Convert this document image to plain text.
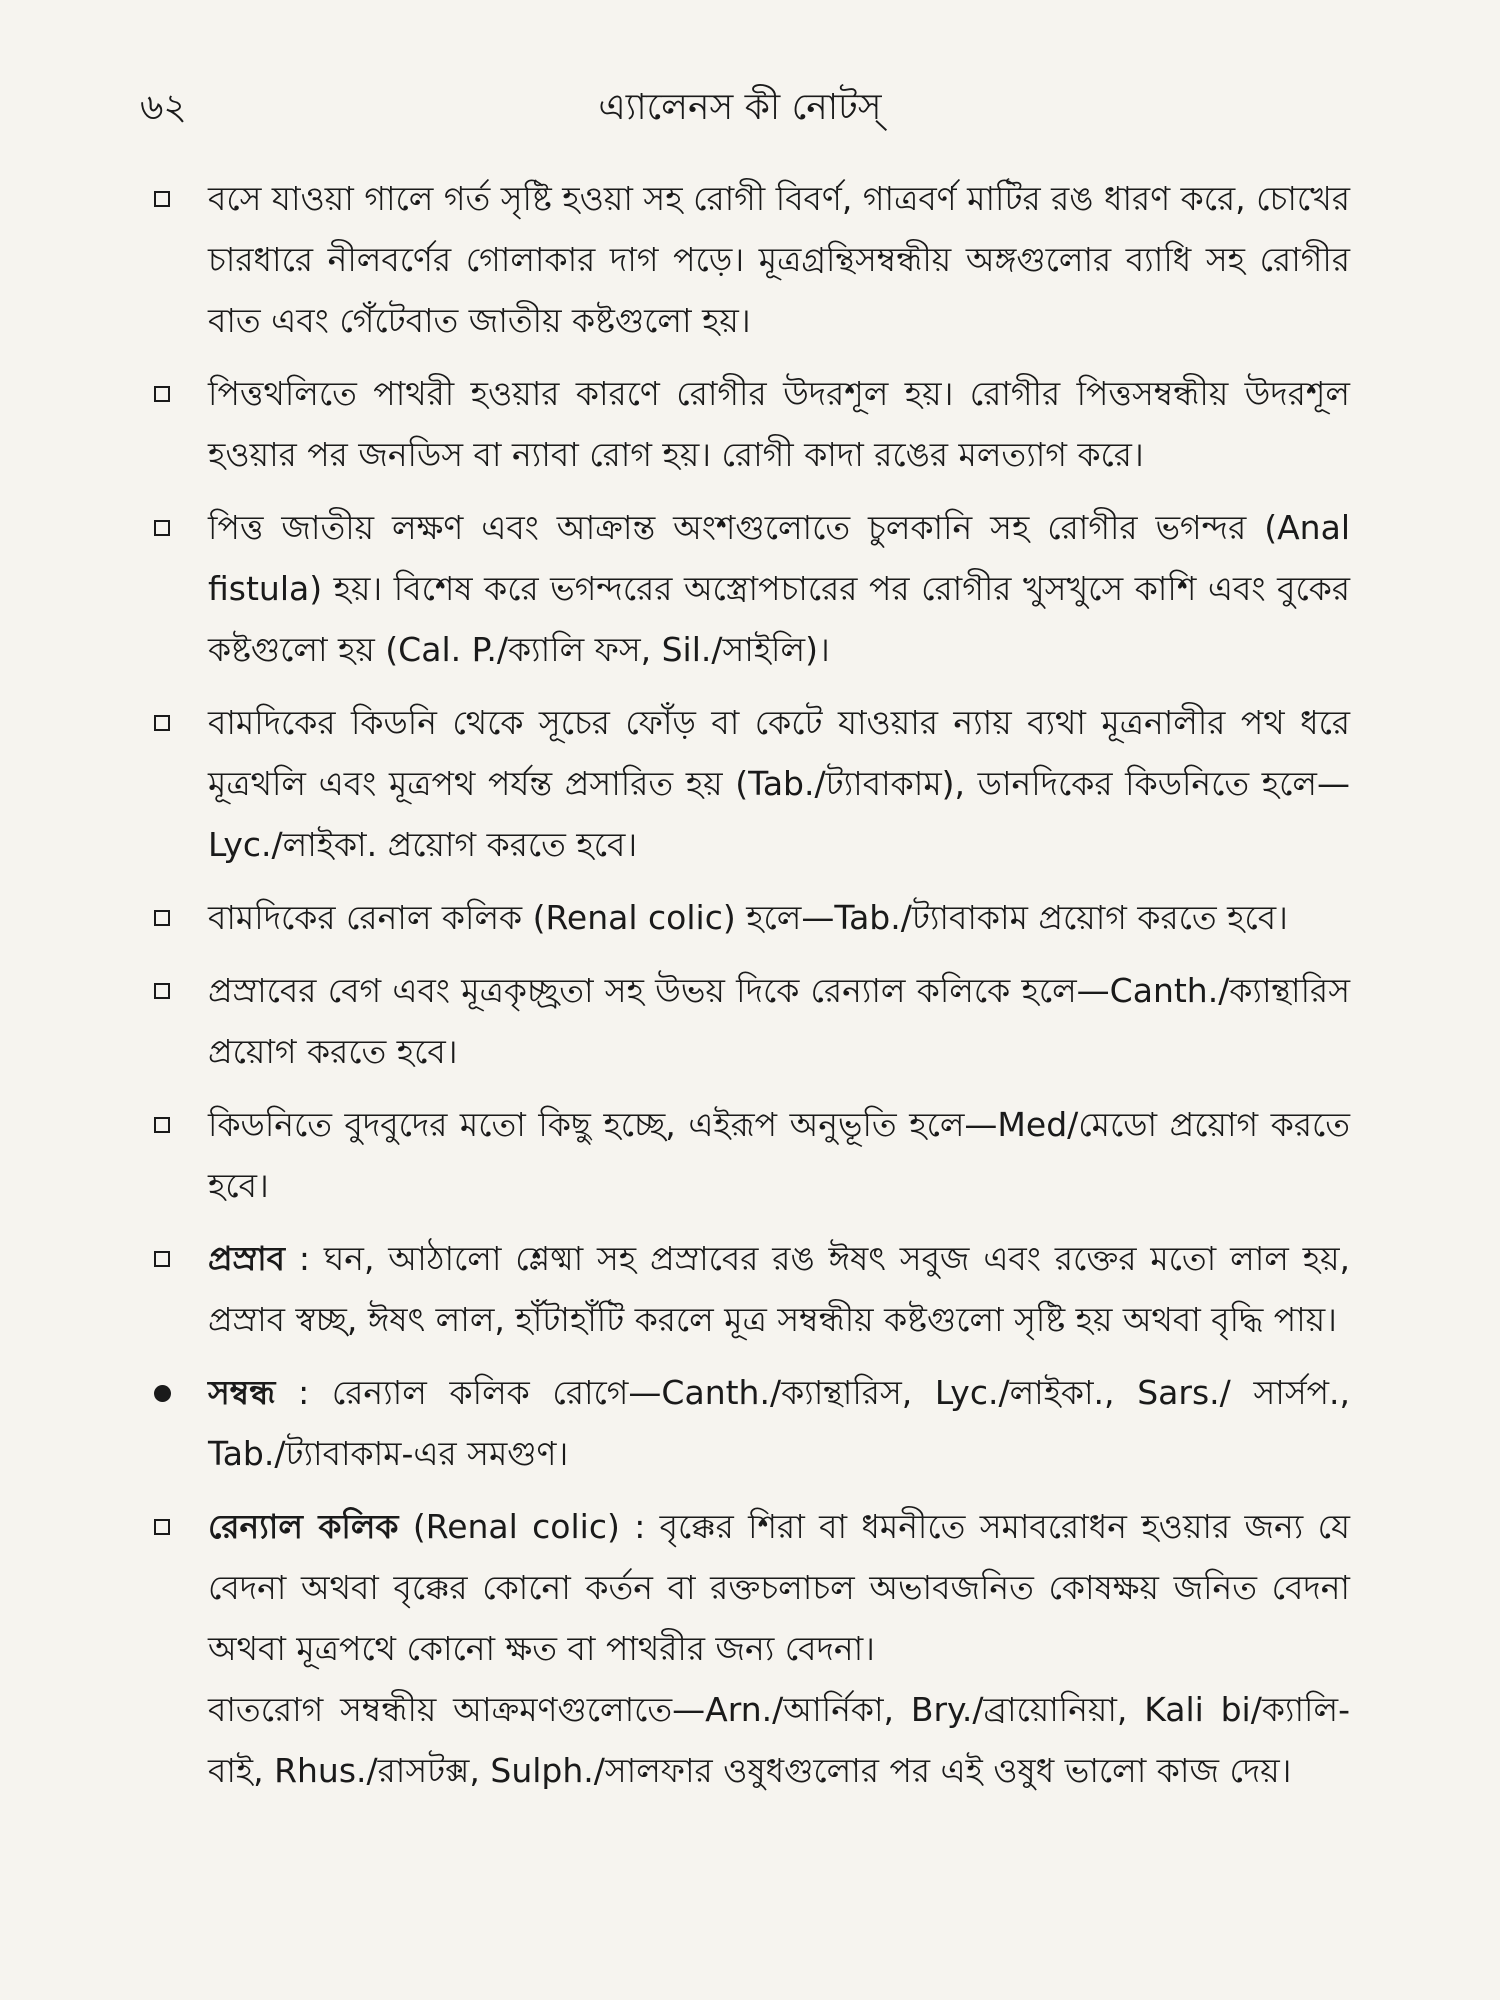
৬২	এ্যালেনস কী নোটস্
বসে যাওয়া গালে গর্ত সৃষ্টি হওয়া সহ রোগী বিবর্ণ, গাত্রবর্ণ মাটির রঙ ধারণ করে, চোখের চারধারে নীলবর্ণের গোলাকার দাগ পড়ে। মূত্রগ্রন্থিসম্বন্ধীয় অঙ্গগুলোর ব্যাধি সহ রোগীর বাত এবং গেঁটেবাত জাতীয় কষ্টগুলো হয়।
পিত্তথলিতে পাথরী হওয়ার কারণে রোগীর উদরশূল হয়। রোগীর পিত্তসম্বন্ধীয় উদরশূল হওয়ার পর জনডিস বা ন্যাবা রোগ হয়। রোগী কাদা রঙের মলত্যাগ করে।
পিত্ত জাতীয় লক্ষণ এবং আক্রান্ত অংশগুলোতে চুলকানি সহ রোগীর ভগন্দর (Anal fistula) হয়। বিশেষ করে ভগন্দরের অস্ত্রোপচারের পর রোগীর খুসখুসে কাশি এবং বুকের কষ্টগুলো হয় (Cal. P./ক্যালি ফস, Sil./সাইলি)।
বামদিকের কিডনি থেকে সূচের ফোঁড় বা কেটে যাওয়ার ন্যায় ব্যথা মূত্রনালীর পথ ধরে মূত্রথলি এবং মূত্রপথ পর্যন্ত প্রসারিত হয় (Tab./ট্যাবাকাম), ডানদিকের কিডনিতে হলে—Lyc./লাইকা. প্রয়োগ করতে হবে।
বামদিকের রেনাল কলিক (Renal colic) হলে—Tab./ট্যাবাকাম প্রয়োগ করতে হবে।
প্রস্রাবের বেগ এবং মূত্রকৃচ্ছ্রতা সহ উভয় দিকে রেন্যাল কলিকে হলে—Canth./ক্যান্থারিস প্রয়োগ করতে হবে।
কিডনিতে বুদবুদের মতো কিছু হচ্ছে, এইরূপ অনুভূতি হলে—Med/মেডো প্রয়োগ করতে হবে।
প্রস্রাব : ঘন, আঠালো শ্লেষ্মা সহ প্রস্রাবের রঙ ঈষৎ সবুজ এবং রক্তের মতো লাল হয়, প্রস্রাব স্বচ্ছ, ঈষৎ লাল, হাঁটাহাঁটি করলে মূত্র সম্বন্ধীয় কষ্টগুলো সৃষ্টি হয় অথবা বৃদ্ধি পায়।
সম্বন্ধ : রেন্যাল কলিক রোগে—Canth./ক্যান্থারিস, Lyc./লাইকা., Sars./ সার্সপ., Tab./ট্যাবাকাম-এর সমগুণ।
রেন্যাল কলিক (Renal colic) : বৃক্কের শিরা বা ধমনীতে সমাবরোধন হওয়ার জন্য যে বেদনা অথবা বৃক্কের কোনো কর্তন বা রক্তচলাচল অভাবজনিত কোষক্ষয় জনিত বেদনা অথবা মূত্রপথে কোনো ক্ষত বা পাথরীর জন্য বেদনা।
বাতরোগ সম্বন্ধীয় আক্রমণগুলোতে—Arn./আর্নিকা, Bry./ব্রায়োনিয়া, Kali bi/ক্যালি-বাই, Rhus./রাসটক্স, Sulph./সালফার ওষুধগুলোর পর এই ওষুধ ভালো কাজ দেয়।
